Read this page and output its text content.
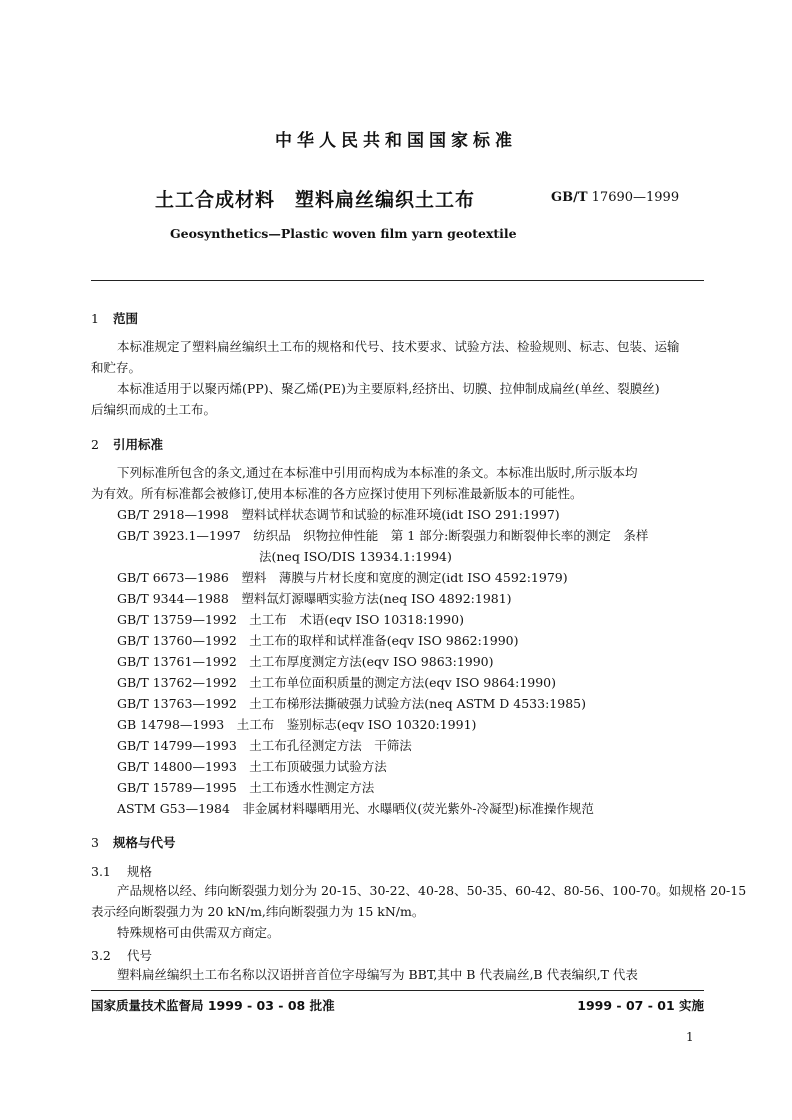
中华人民共和国国家标准
土工合成材料　塑料扁丝编织土工布	GB/T 17690—1999
Geosynthetics—Plastic woven film yarn geotextile
1 范围
本标准规定了塑料扁丝编织土工布的规格和代号、技术要求、试验方法、检验规则、标志、包装、运输
和贮存。
本标准适用于以聚丙烯(PP)、聚乙烯(PE)为主要原料,经挤出、切膜、拉伸制成扁丝(单丝、裂膜丝)
后编织而成的土工布。
2 引用标准
下列标准所包含的条文,通过在本标准中引用而构成为本标准的条文。本标准出版时,所示版本均
为有效。所有标准都会被修订,使用本标准的各方应探讨使用下列标准最新版本的可能性。
GB/T 2918—1998　塑料试样状态调节和试验的标准环境(idt ISO 291:1997)
GB/T 3923.1—1997　纺织品　织物拉伸性能　第 1 部分:断裂强力和断裂伸长率的测定　条样
法(neq ISO/DIS 13934.1:1994)
GB/T 6673—1986　塑料　薄膜与片材长度和宽度的测定(idt ISO 4592:1979)
GB/T 9344—1988　塑料氙灯源曝晒实验方法(neq ISO 4892:1981)
GB/T 13759—1992　土工布　术语(eqv ISO 10318:1990)
GB/T 13760—1992　土工布的取样和试样准备(eqv ISO 9862:1990)
GB/T 13761—1992　土工布厚度测定方法(eqv ISO 9863:1990)
GB/T 13762—1992　土工布单位面积质量的测定方法(eqv ISO 9864:1990)
GB/T 13763—1992　土工布梯形法撕破强力试验方法(neq ASTM D 4533:1985)
GB 14798—1993　土工布　鉴别标志(eqv ISO 10320:1991)
GB/T 14799—1993　土工布孔径测定方法　干筛法
GB/T 14800—1993　土工布顶破强力试验方法
GB/T 15789—1995　土工布透水性测定方法
ASTM G53—1984　非金属材料曝晒用光、水曝晒仪(荧光紫外-冷凝型)标准操作规范
3 规格与代号
3.1 规格
产品规格以经、纬向断裂强力划分为 20-15、30-22、40-28、50-35、60-42、80-56、100-70。如规格 20-15
表示经向断裂强力为 20 kN/m,纬向断裂强力为 15 kN/m。
特殊规格可由供需双方商定。
3.2 代号
塑料扁丝编织土工布名称以汉语拼音首位字母编写为 BBT,其中 B 代表扁丝,B 代表编织,T 代表
国家质量技术监督局 1999 - 03 - 08 批准	1999 - 07 - 01 实施
1
